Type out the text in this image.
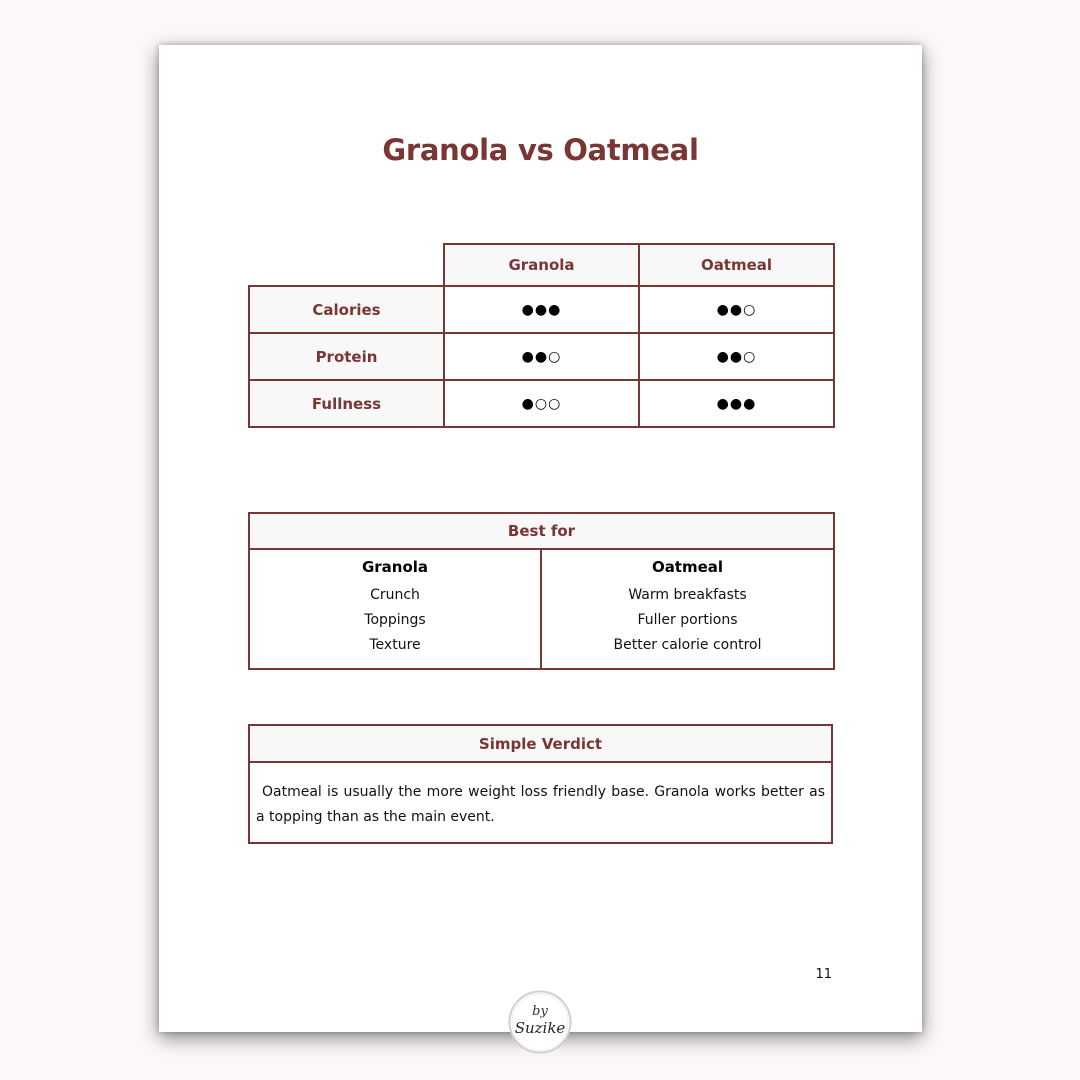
Granola vs Oatmeal
	Granola	Oatmeal
Calories	●●●	●●○
Protein	●●○	●●○
Fullness	●○○	●●●
Best for

Granola
Crunch
Toppings
Texture

Oatmeal
Warm breakfasts
Fuller portions
Better calorie control
Simple Verdict
Oatmeal is usually the more weight loss friendly base. Granola works better as a topping than as the main event.
11
by
Suzike
